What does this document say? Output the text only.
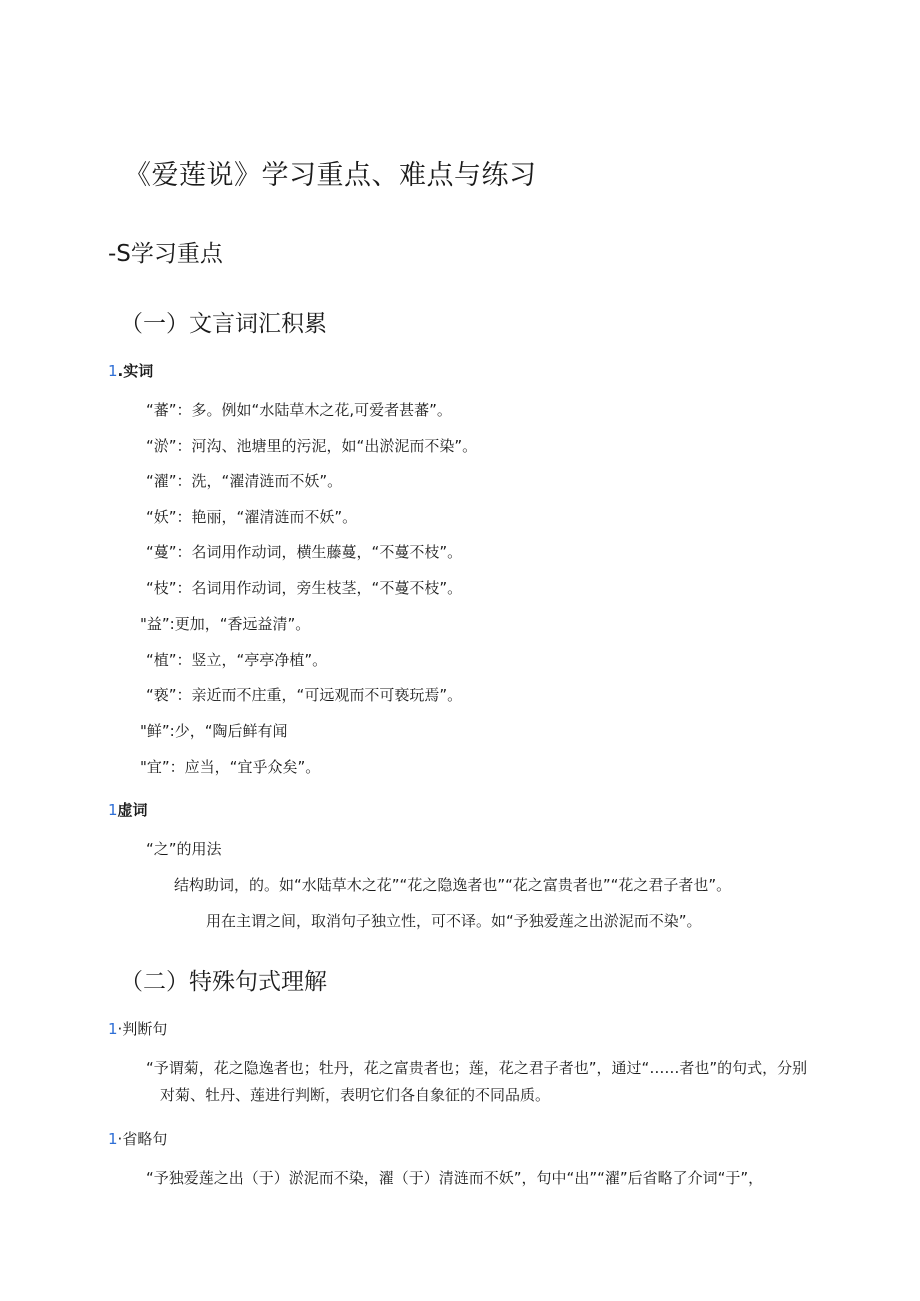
《爱莲说》学习重点、难点与练习
-S学习重点
（一）文言词汇积累
1.实词
“蕃”：多。例如“水陆草木之花,可爱者甚蕃”。
“淤”：河沟、池塘里的污泥，如“出淤泥而不染”。
“濯”：洗，“濯清涟而不妖”。
“妖”：艳丽，“濯清涟而不妖”。
“蔓”：名词用作动词，横生藤蔓，“不蔓不枝”。
“枝”：名词用作动词，旁生枝茎，“不蔓不枝”。
"益”:更加，“香远益清”。
“植”：竖立，“亭亭净植”。
“亵”：亲近而不庄重，“可远观而不可亵玩焉”。
"鲜”:少，“陶后鲜有闻
"宜”：应当，“宜乎众矣”。
1虚词
“之”的用法
结构助词，的。如“水陆草木之花”“花之隐逸者也”“花之富贵者也”“花之君子者也”。
用在主谓之间，取消句子独立性，可不译。如“予独爱莲之出淤泥而不染”。
（二）特殊句式理解
1·判断句
“予谓菊，花之隐逸者也；牡丹，花之富贵者也；莲，花之君子者也”，通过“……者也”的句式，分别
对菊、牡丹、莲进行判断，表明它们各自象征的不同品质。
1·省略句
“予独爱莲之出（于）淤泥而不染，濯（于）清涟而不妖”，句中“出”“濯”后省略了介词“于”，
